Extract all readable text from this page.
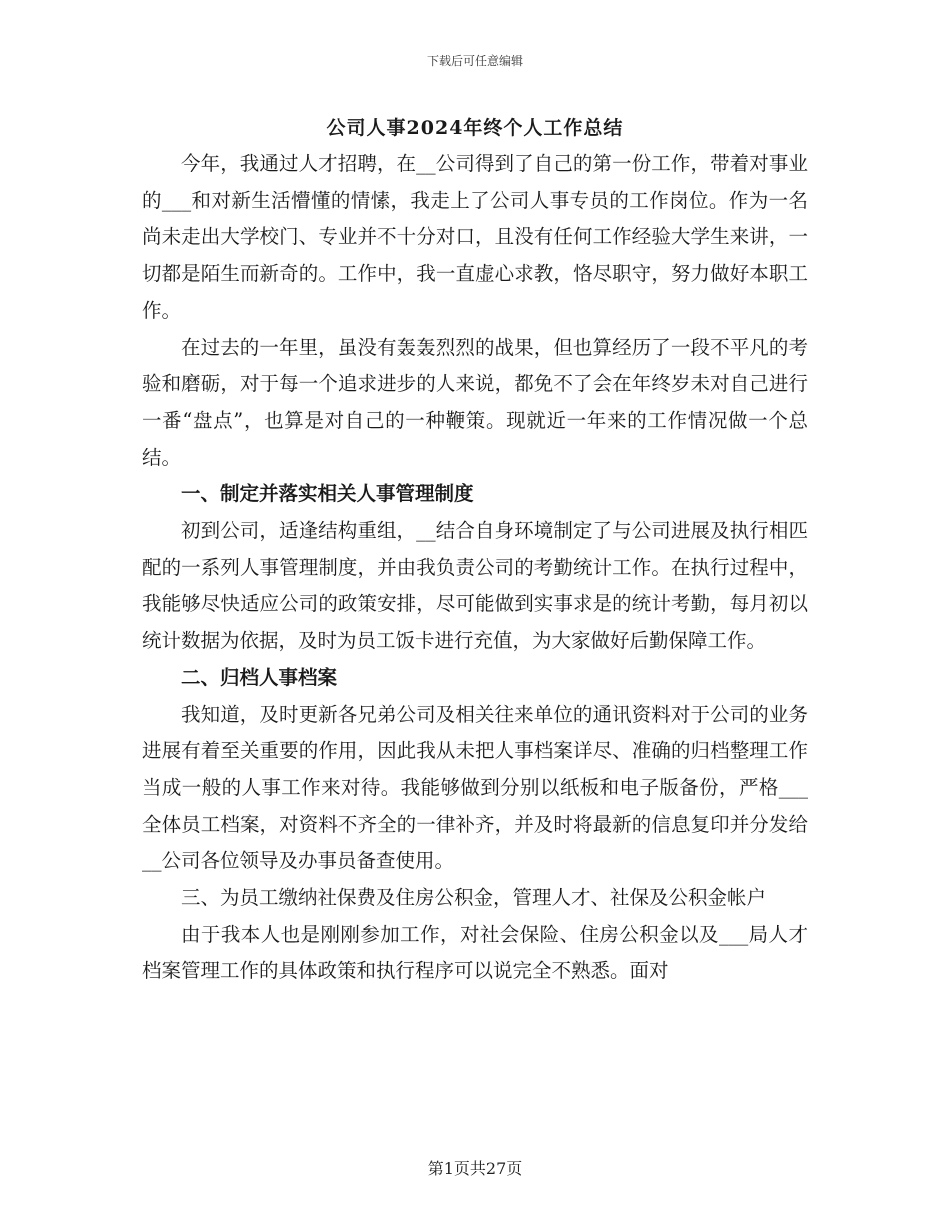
下载后可任意编辑
公司人事2024年终个人工作总结

今年，我通过人才招聘，在__公司得到了自己的第一份工作，带着对事业的___和对新生活懵懂的情愫，我走上了公司人事专员的工作岗位。作为一名尚未走出大学校门、专业并不十分对口，且没有任何工作经验大学生来讲，一切都是陌生而新奇的。工作中，我一直虚心求教，恪尽职守，努力做好本职工作。

在过去的一年里，虽没有轰轰烈烈的战果，但也算经历了一段不平凡的考验和磨砺，对于每一个追求进步的人来说，都免不了会在年终岁未对自己进行一番“盘点”，也算是对自己的一种鞭策。现就近一年来的工作情况做一个总结。

一、制定并落实相关人事管理制度

初到公司，适逢结构重组，__结合自身环境制定了与公司进展及执行相匹配的一系列人事管理制度，并由我负责公司的考勤统计工作。在执行过程中，我能够尽快适应公司的政策安排，尽可能做到实事求是的统计考勤，每月初以统计数据为依据，及时为员工饭卡进行充值，为大家做好后勤保障工作。

二、归档人事档案

我知道，及时更新各兄弟公司及相关往来单位的通讯资料对于公司的业务进展有着至关重要的作用，因此我从未把人事档案详尽、准确的归档整理工作当成一般的人事工作来对待。我能够做到分别以纸板和电子版备份，严格___全体员工档案，对资料不齐全的一律补齐，并及时将最新的信息复印并分发给__公司各位领导及办事员备查使用。

三、为员工缴纳社保费及住房公积金，管理人才、社保及公积金帐户

由于我本人也是刚刚参加工作，对社会保险、住房公积金以及___局人才档案管理工作的具体政策和执行程序可以说完全不熟悉。面对

第1页共27页
